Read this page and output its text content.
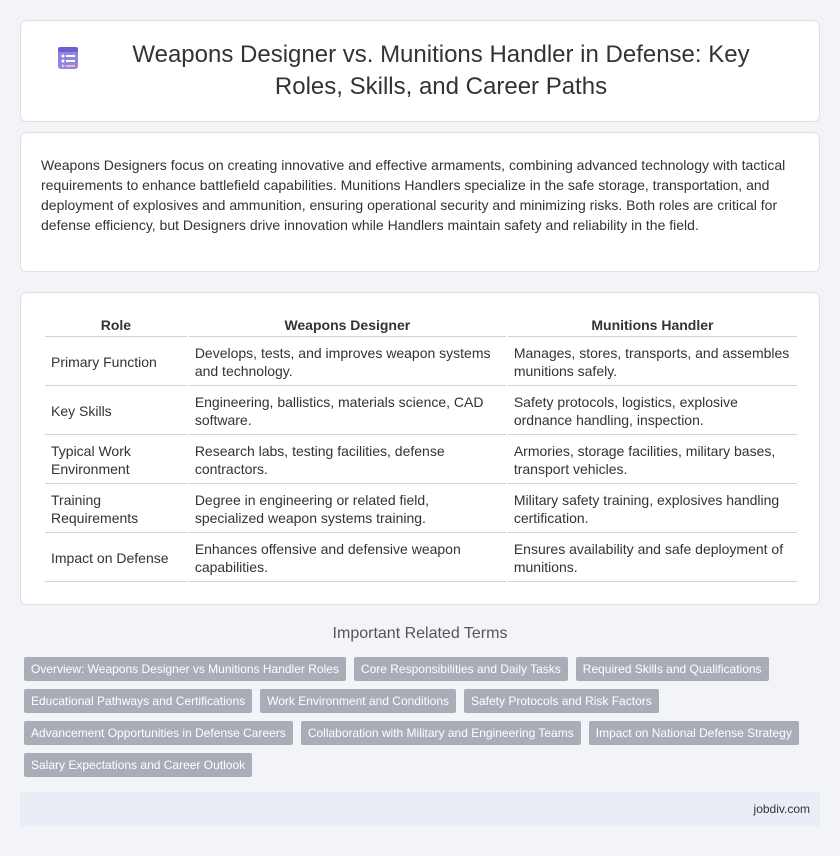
Weapons Designer vs. Munitions Handler in Defense: Key Roles, Skills, and Career Paths

Weapons Designers focus on creating innovative and effective armaments, combining advanced technology with tactical requirements to enhance battlefield capabilities. Munitions Handlers specialize in the safe storage, transportation, and deployment of explosives and ammunition, ensuring operational security and minimizing risks. Both roles are critical for defense efficiency, but Designers drive innovation while Handlers maintain safety and reliability in the field.

Role	Weapons Designer	Munitions Handler
Primary Function	Develops, tests, and improves weapon systems and technology.	Manages, stores, transports, and assembles munitions safely.
Key Skills	Engineering, ballistics, materials science, CAD software.	Safety protocols, logistics, explosive ordnance handling, inspection.
Typical Work Environment	Research labs, testing facilities, defense contractors.	Armories, storage facilities, military bases, transport vehicles.
Training Requirements	Degree in engineering or related field, specialized weapon systems training.	Military safety training, explosives handling certification.
Impact on Defense	Enhances offensive and defensive weapon capabilities.	Ensures availability and safe deployment of munitions.
Important Related Terms
Overview: Weapons Designer vs Munitions Handler Roles	Core Responsibilities and Daily Tasks	Required Skills and Qualifications
Educational Pathways and Certifications	Work Environment and Conditions	Safety Protocols and Risk Factors
Advancement Opportunities in Defense Careers	Collaboration with Military and Engineering Teams	Impact on National Defense Strategy
Salary Expectations and Career Outlook
jobdiv.com
